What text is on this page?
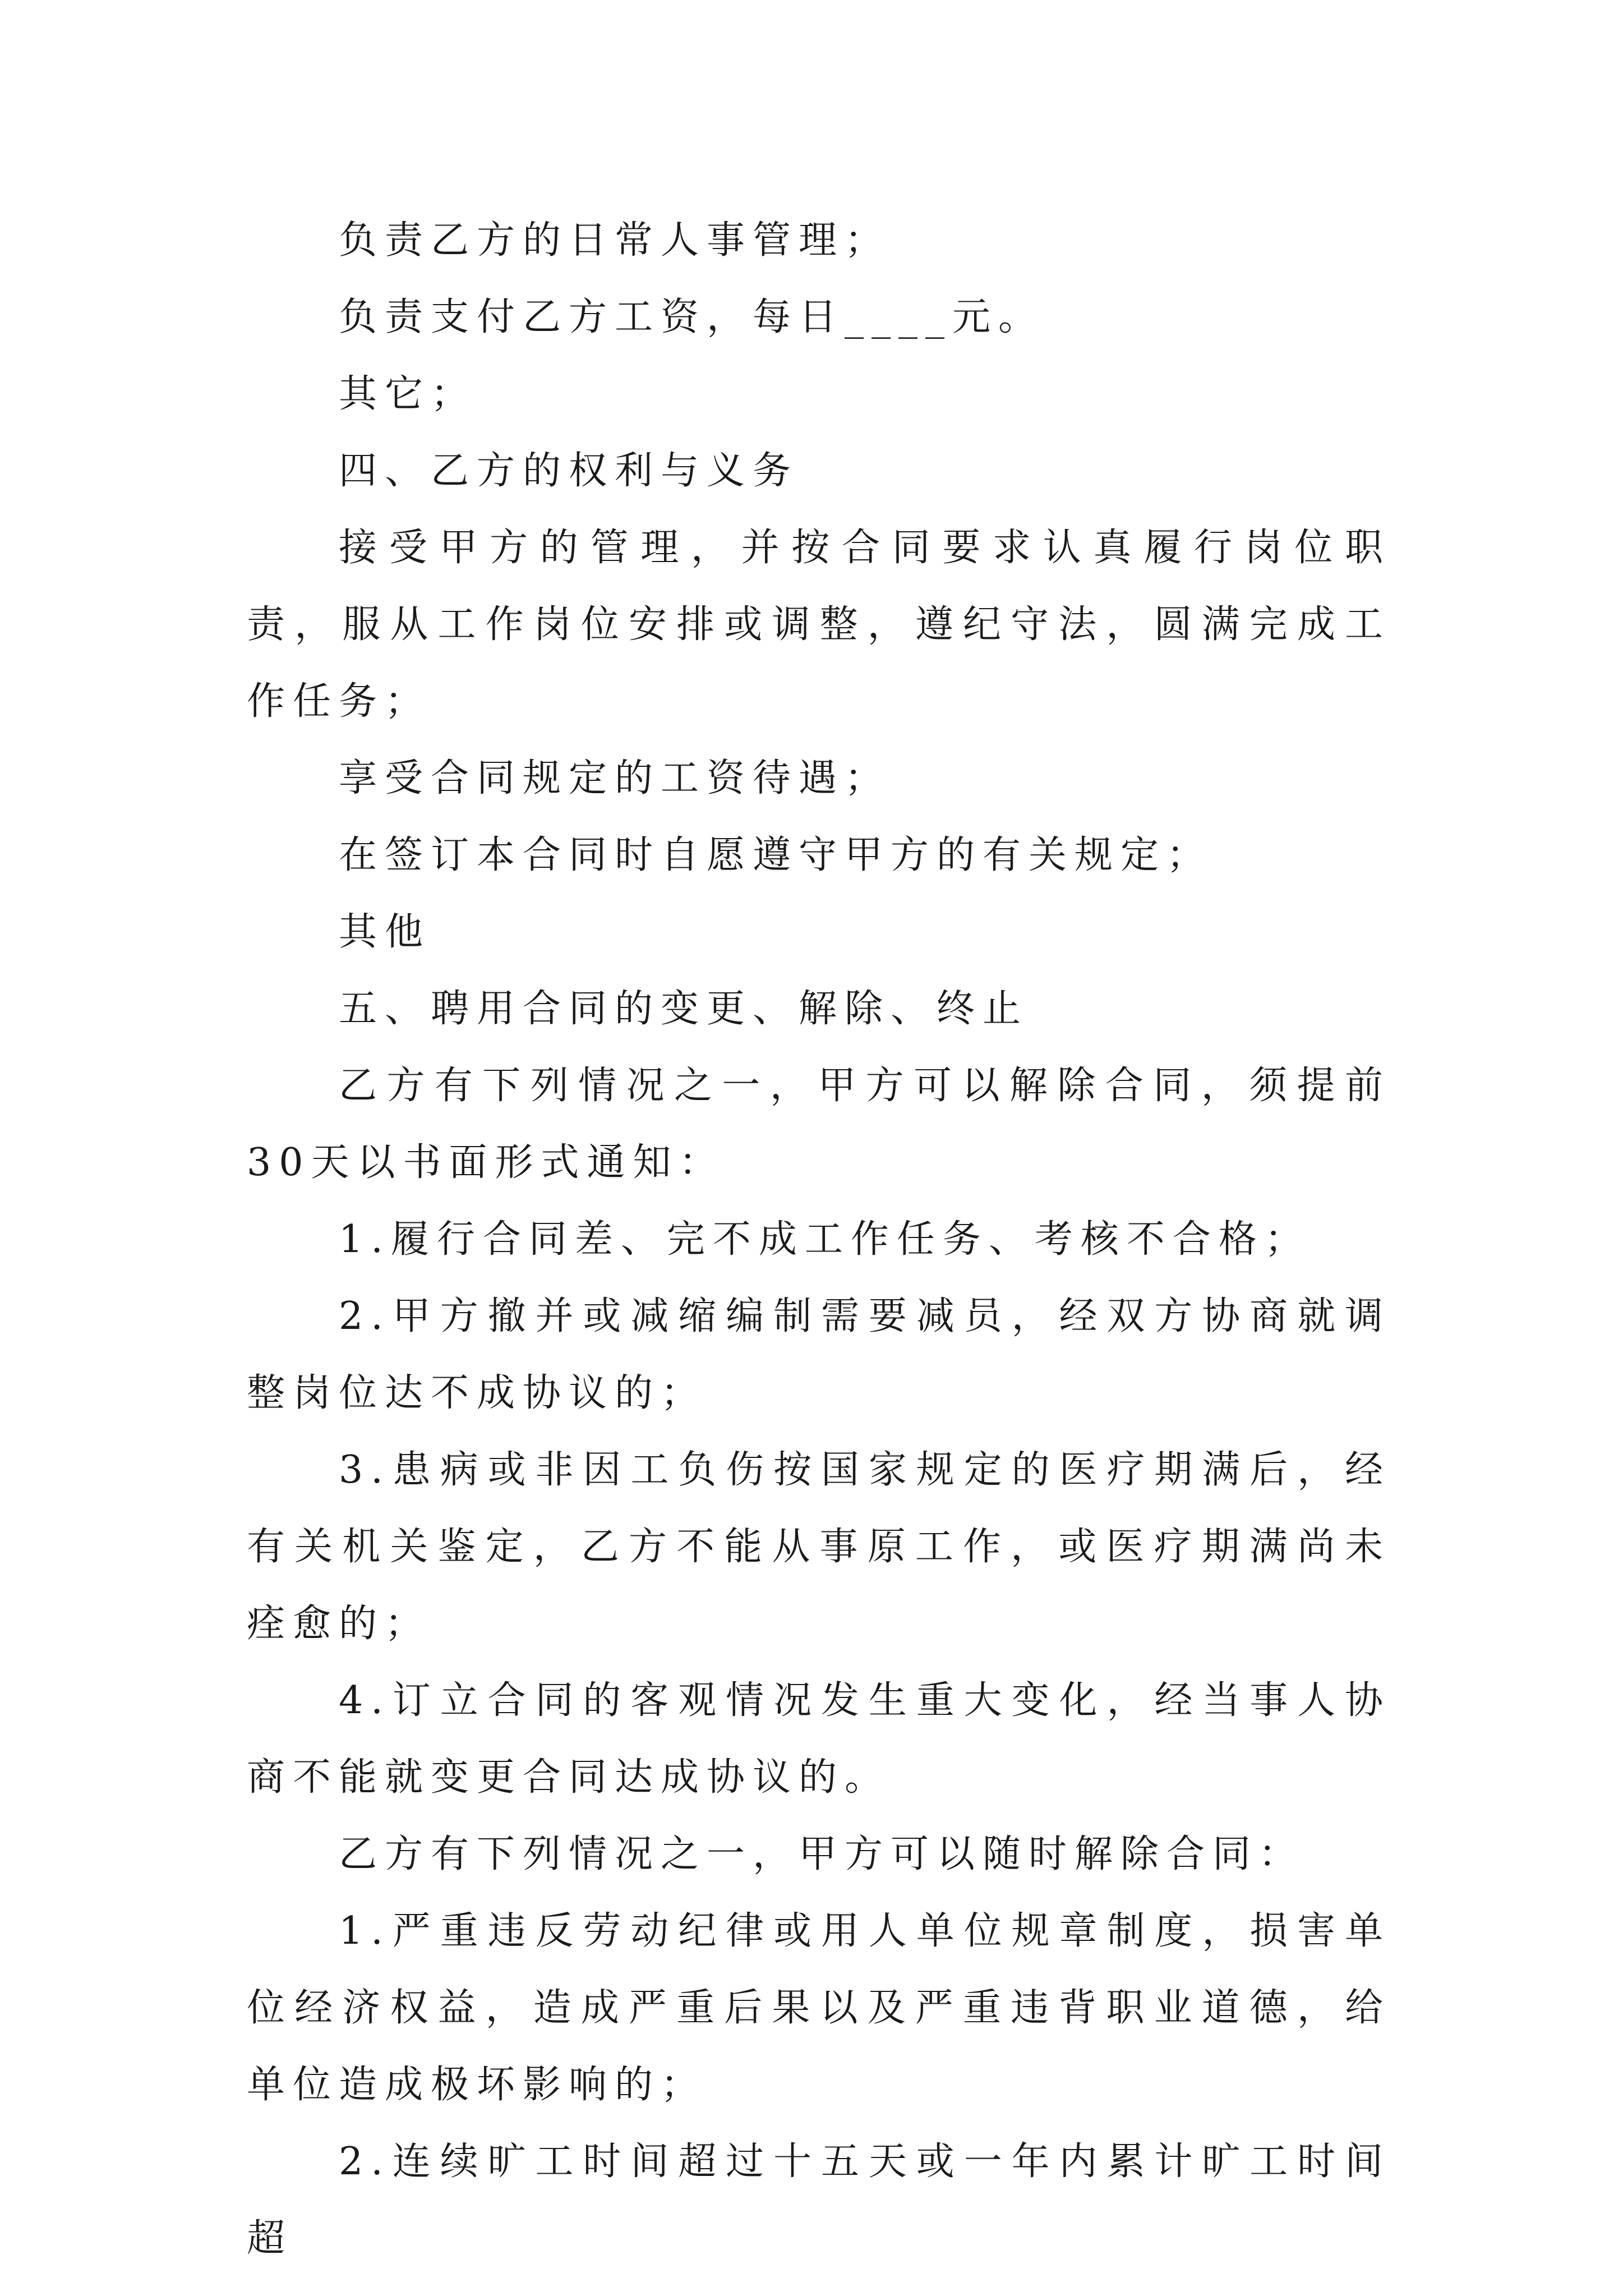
负责乙方的日常人事管理；

负责支付乙方工资，每日____元。

其它；

四、乙方的权利与义务

接受甲方的管理，并按合同要求认真履行岗位职责，服从工作岗位安排或调整，遵纪守法，圆满完成工作任务；

享受合同规定的工资待遇；

在签订本合同时自愿遵守甲方的有关规定；

其他

五、聘用合同的变更、解除、终止

乙方有下列情况之一，甲方可以解除合同，须提前30天以书面形式通知：

1.履行合同差、完不成工作任务、考核不合格；

2.甲方撤并或减缩编制需要减员，经双方协商就调整岗位达不成协议的；

3.患病或非因工负伤按国家规定的医疗期满后，经有关机关鉴定，乙方不能从事原工作，或医疗期满尚未痊愈的；

4.订立合同的客观情况发生重大变化，经当事人协商不能就变更合同达成协议的。

乙方有下列情况之一，甲方可以随时解除合同：

1.严重违反劳动纪律或用人单位规章制度，损害单位经济权益，造成严重后果以及严重违背职业道德，给单位造成极坏影响的；

2.连续旷工时间超过十五天或一年内累计旷工时间超
